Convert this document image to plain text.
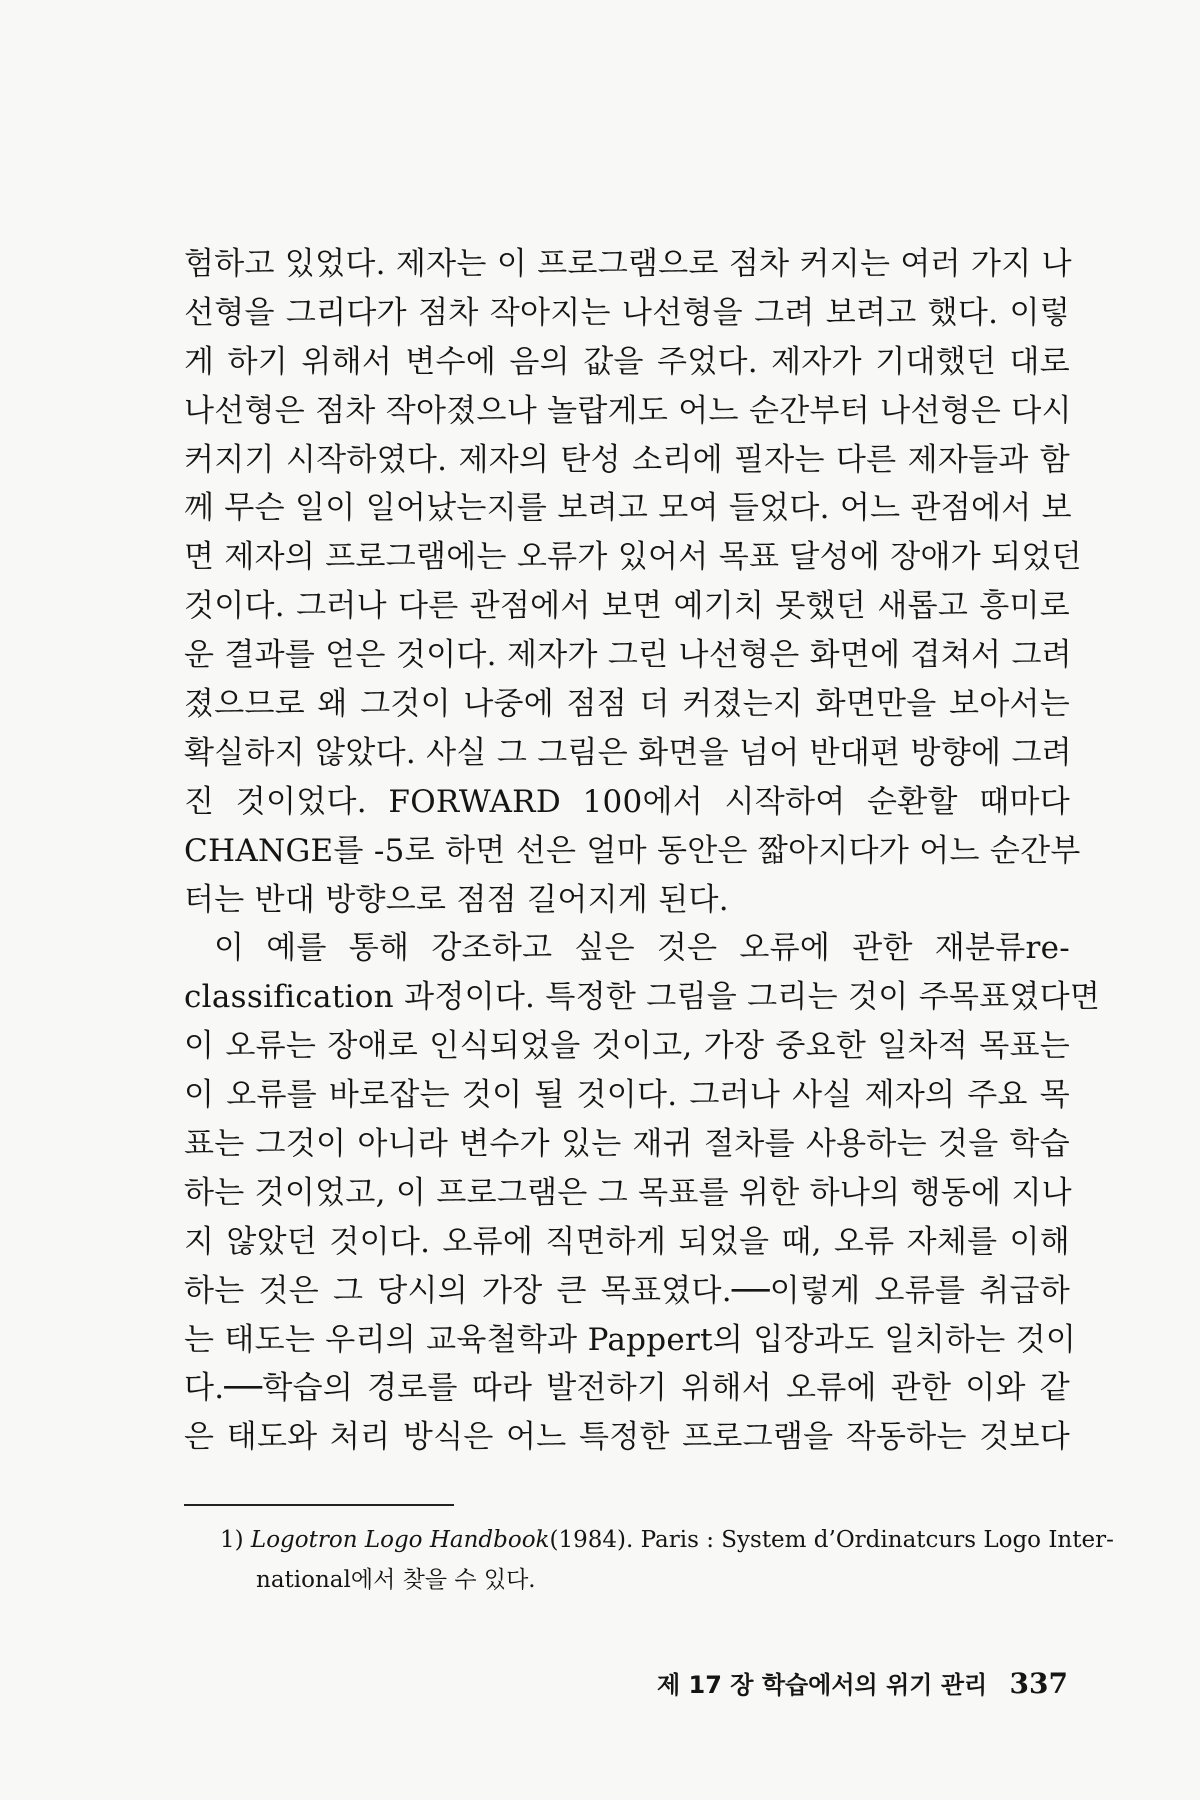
험하고 있었다. 제자는 이 프로그램으로 점차 커지는 여러 가지 나
선형을 그리다가 점차 작아지는 나선형을 그려 보려고 했다. 이렇
게 하기 위해서 변수에 음의 값을 주었다. 제자가 기대했던 대로
나선형은 점차 작아졌으나 놀랍게도 어느 순간부터 나선형은 다시
커지기 시작하였다. 제자의 탄성 소리에 필자는 다른 제자들과 함
께 무슨 일이 일어났는지를 보려고 모여 들었다. 어느 관점에서 보
면 제자의 프로그램에는 오류가 있어서 목표 달성에 장애가 되었던
것이다. 그러나 다른 관점에서 보면 예기치 못했던 새롭고 흥미로
운 결과를 얻은 것이다. 제자가 그린 나선형은 화면에 겹쳐서 그려
졌으므로 왜 그것이 나중에 점점 더 커졌는지 화면만을 보아서는
확실하지 않았다. 사실 그 그림은 화면을 넘어 반대편 방향에 그려
진 것이었다. FORWARD 100에서 시작하여 순환할 때마다
CHANGE를 -5로 하면 선은 얼마 동안은 짧아지다가 어느 순간부
터는 반대 방향으로 점점 길어지게 된다.
이 예를 통해 강조하고 싶은 것은 오류에 관한 재분류re-
classification 과정이다. 특정한 그림을 그리는 것이 주목표였다면
이 오류는 장애로 인식되었을 것이고, 가장 중요한 일차적 목표는
이 오류를 바로잡는 것이 될 것이다. 그러나 사실 제자의 주요 목
표는 그것이 아니라 변수가 있는 재귀 절차를 사용하는 것을 학습
하는 것이었고, 이 프로그램은 그 목표를 위한 하나의 행동에 지나
지 않았던 것이다. 오류에 직면하게 되었을 때, 오류 자체를 이해
하는 것은 그 당시의 가장 큰 목표였다.──이렇게 오류를 취급하
는 태도는 우리의 교육철학과 Pappert의 입장과도 일치하는 것이
다.──학습의 경로를 따라 발전하기 위해서 오류에 관한 이와 같
은 태도와 처리 방식은 어느 특정한 프로그램을 작동하는 것보다
1) Logotron Logo Handbook(1984). Paris : System d’Ordinatcurs Logo Inter-
national에서 찾을 수 있다.
제 17 장 학습에서의 위기 관리 337
